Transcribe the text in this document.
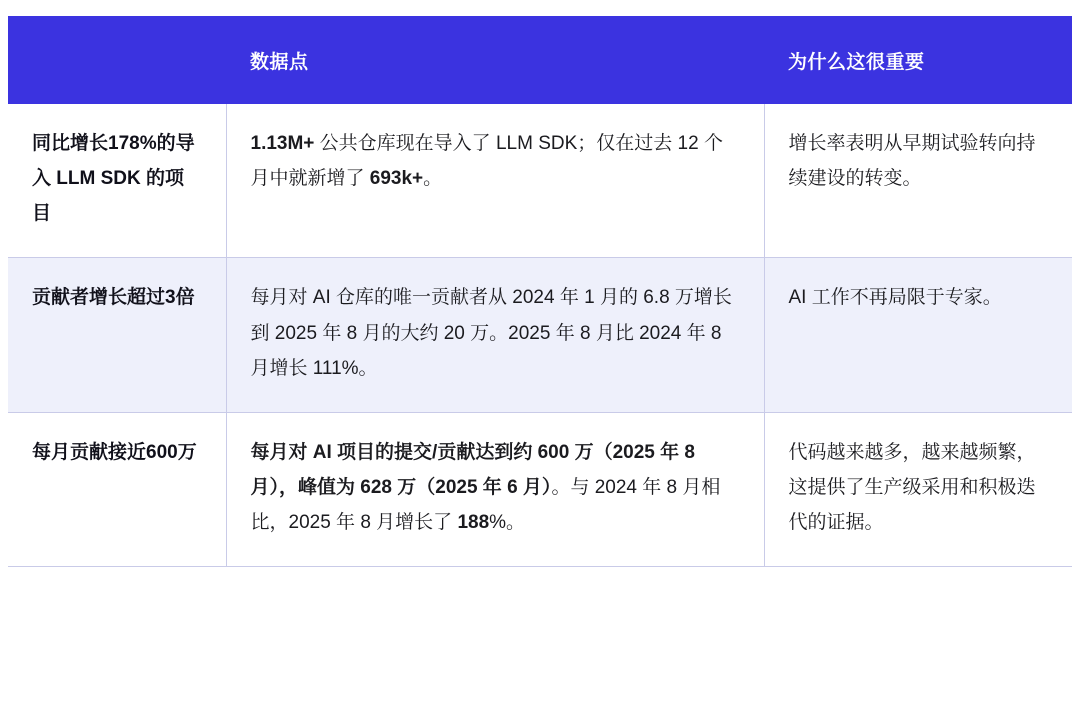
	数据点	为什么这很重要
同比增长178%的导入 LLM SDK 的项目	1.13M+ 公共仓库现在导入了 LLM SDK；仅在过去 12 个月中就新增了 693k+。	增长率表明从早期试验转向持续建设的转变。
贡献者增长超过3倍	每月对 AI 仓库的唯一贡献者从 2024 年 1 月的 6.8 万增长到 2025 年 8 月的大约 20 万。2025 年 8 月比 2024 年 8 月增长 111%。	AI 工作不再局限于专家。
每月贡献接近600万	每月对 AI 项目的提交/贡献达到约 600 万（2025 年 8 月），峰值为 628 万（2025 年 6 月）。与 2024 年 8 月相比，2025 年 8 月增长了 188%。	代码越来越多，越来越频繁，这提供了生产级采用和积极迭代的证据。
